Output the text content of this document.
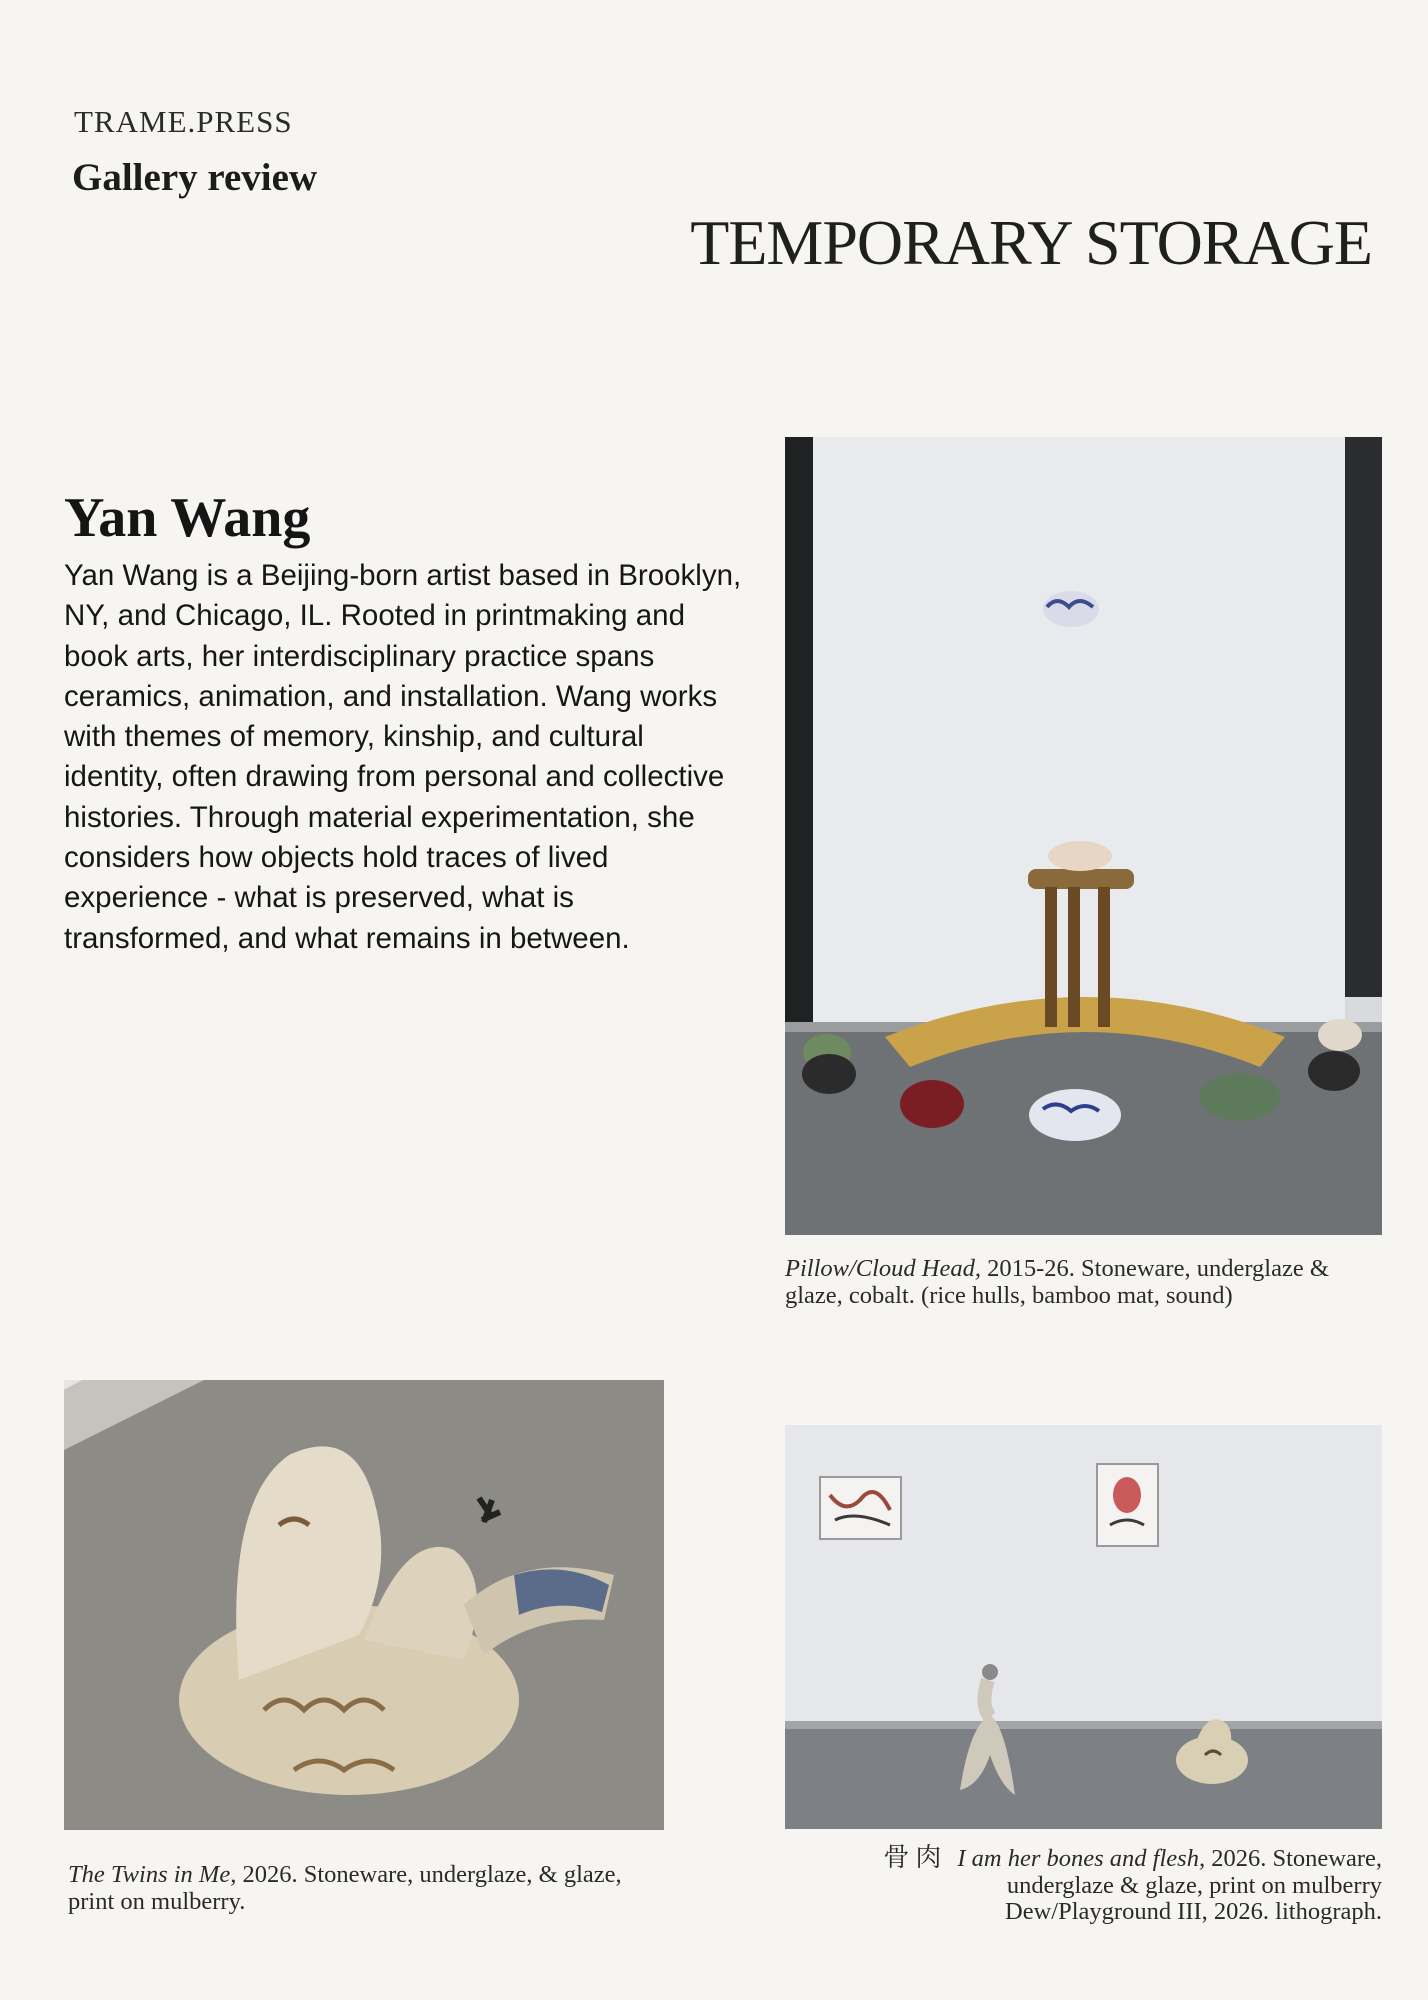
TRAME.PRESS
Gallery review
TEMPORARY STORAGE
Yan Wang
Yan Wang is a Beijing-born artist based in Brooklyn, NY, and Chicago, IL. Rooted in printmaking and book arts, her interdisciplinary practice spans ceramics, animation, and installation. Wang works with themes of memory, kinship, and cultural identity, often drawing from personal and collective histories. Through material experimentation, she considers how objects hold traces of lived experience - what is preserved, what is transformed, and what remains in between.
Pillow/Cloud Head, 2015-26. Stoneware, underglaze & glaze, cobalt. (rice hulls, bamboo mat, sound)
The Twins in Me, 2026. Stoneware, underglaze, & glaze, print on mulberry.
骨肉 I am her bones and flesh, 2026. Stoneware, underglaze & glaze, print on mulberry
Dew/Playground III, 2026. lithograph.
